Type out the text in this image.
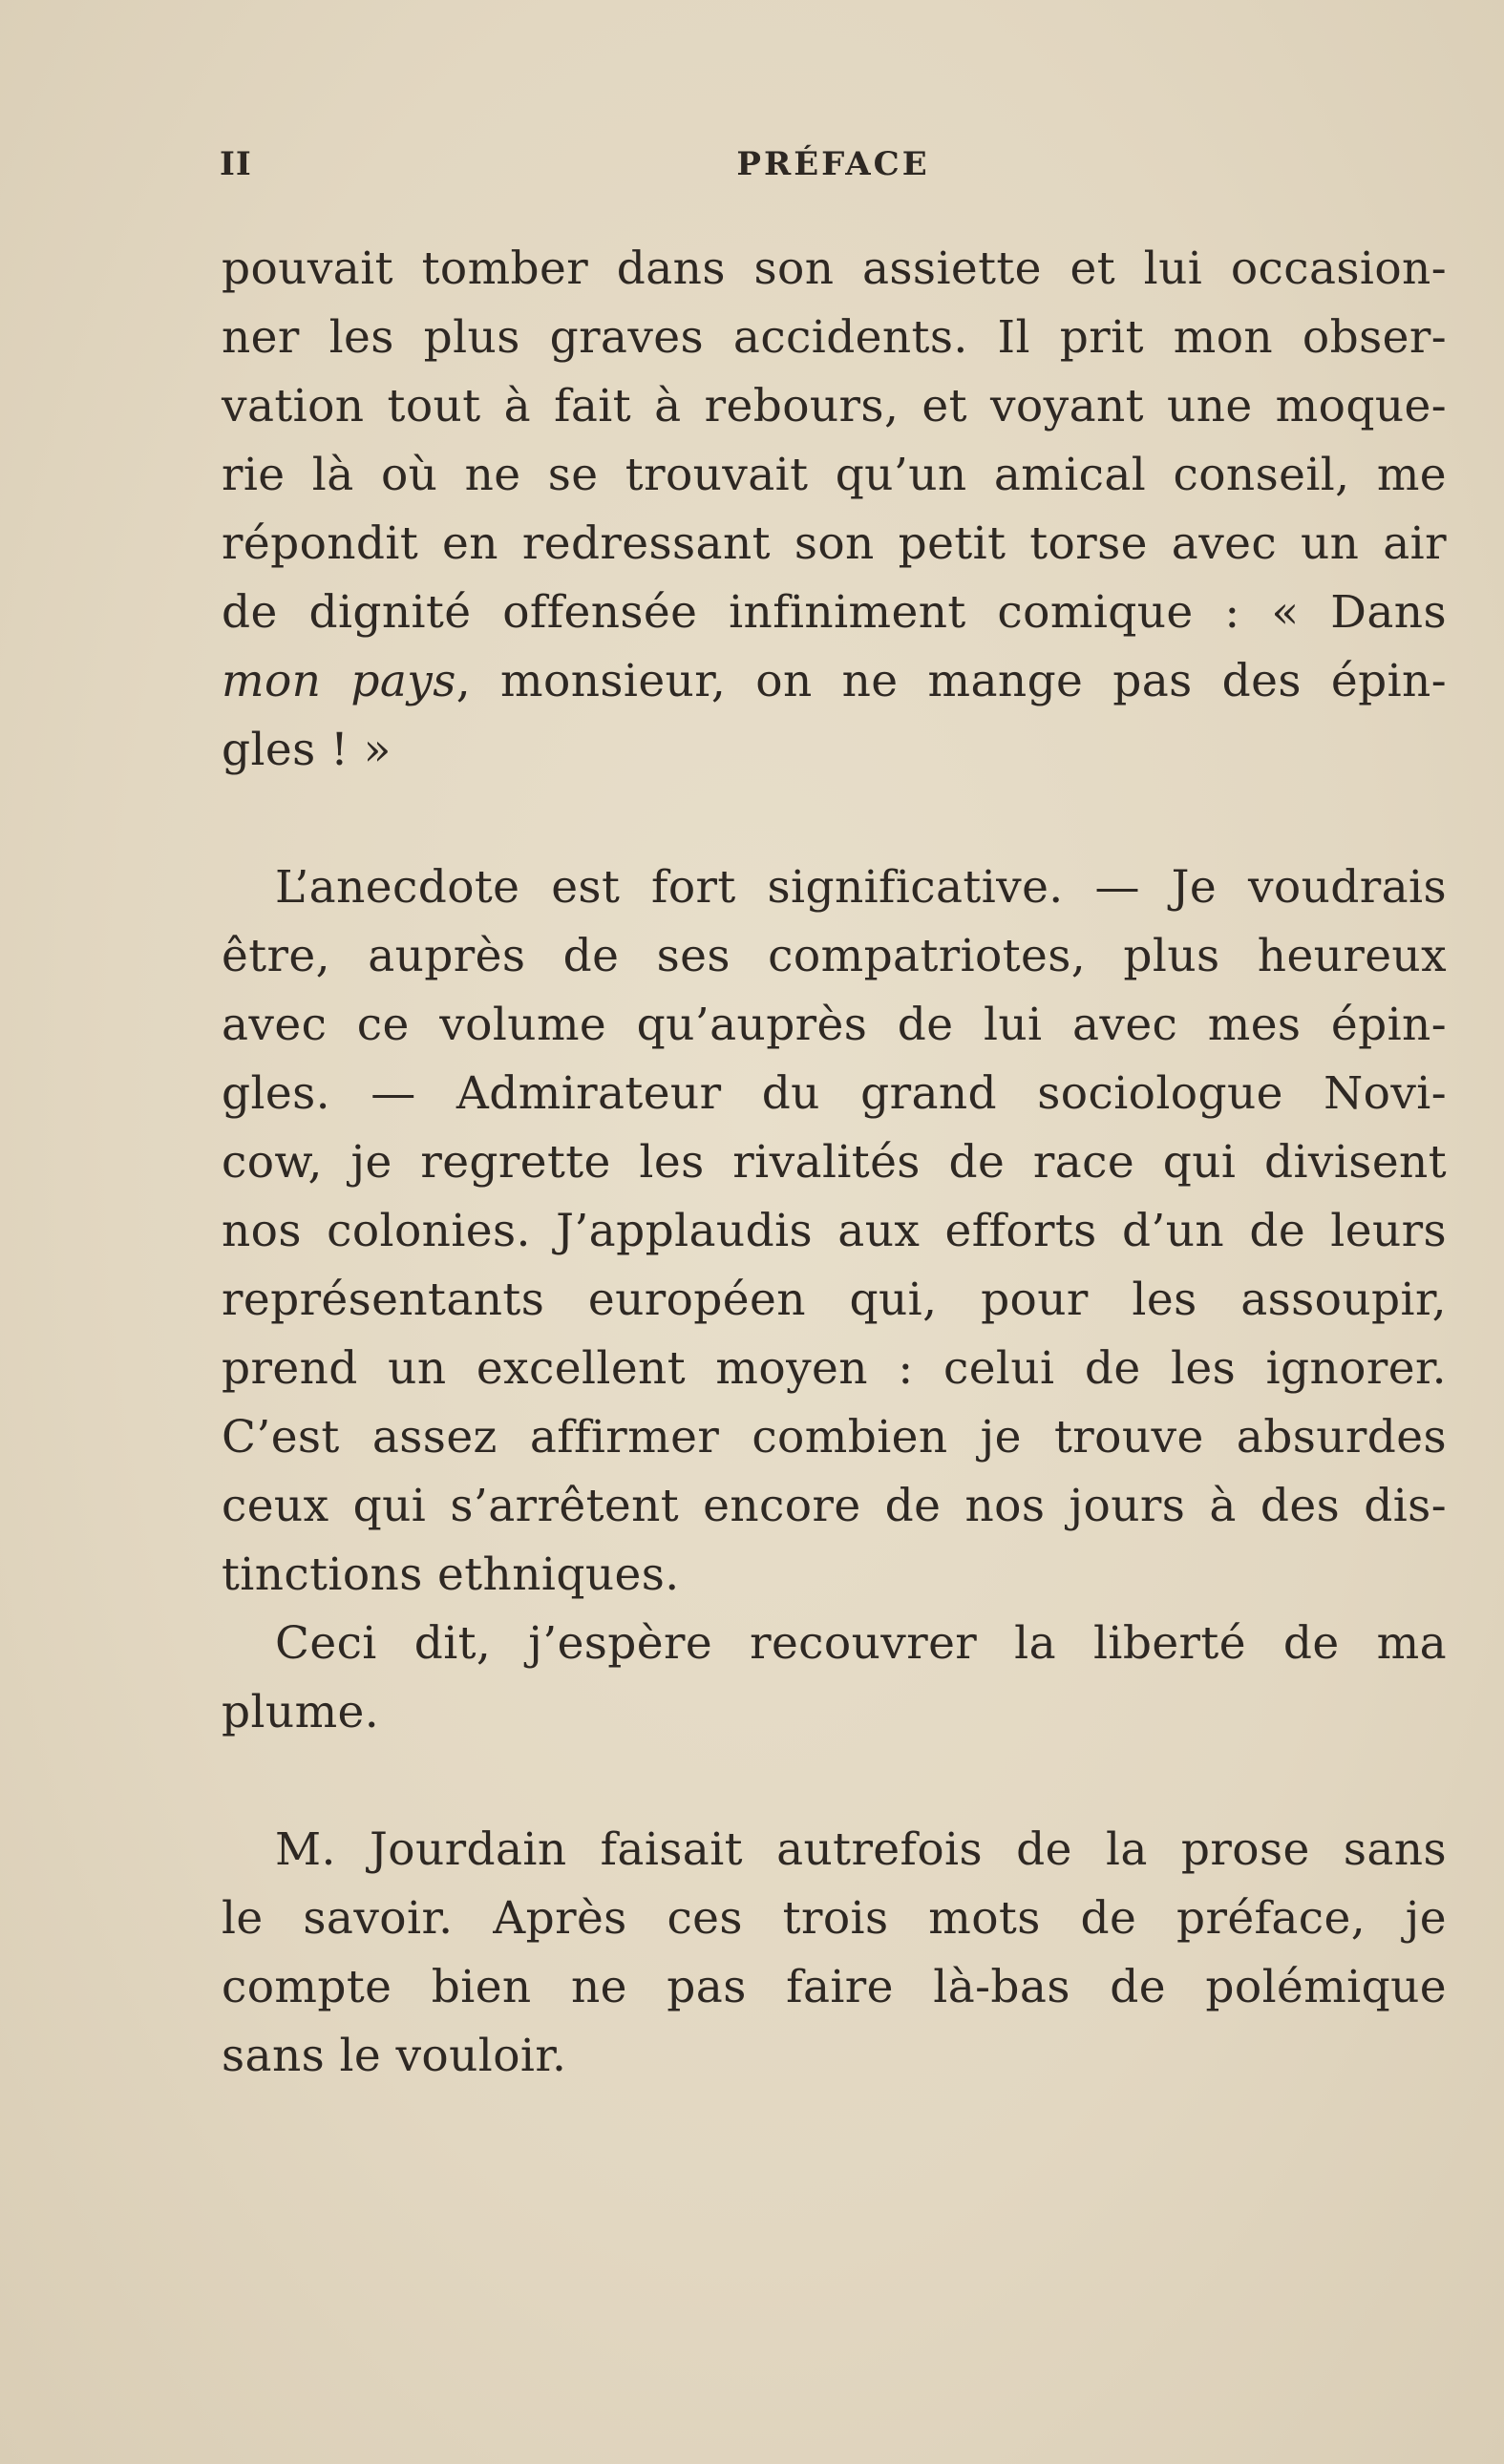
II	PRÉFACE
pouvait tomber dans son assiette et lui occasion-
ner les plus graves accidents. Il prit mon obser-
vation tout à fait à rebours, et voyant une moque-
rie là où ne se trouvait qu’un amical conseil, me
répondit en redressant son petit torse avec un air
de dignité offensée infiniment comique : « Dans
mon pays, monsieur, on ne mange pas des épin-
gles ! »
L’anecdote est fort significative. — Je voudrais
être, auprès de ses compatriotes, plus heureux
avec ce volume qu’auprès de lui avec mes épin-
gles. — Admirateur du grand sociologue Novi-
cow, je regrette les rivalités de race qui divisent
nos colonies. J’applaudis aux efforts d’un de leurs
représentants européen qui, pour les assoupir,
prend un excellent moyen : celui de les ignorer.
C’est assez affirmer combien je trouve absurdes
ceux qui s’arrêtent encore de nos jours à des dis-
tinctions ethniques.
Ceci dit, j’espère recouvrer la liberté de ma
plume.
M. Jourdain faisait autrefois de la prose sans
le savoir. Après ces trois mots de préface, je
compte bien ne pas faire là-bas de polémique
sans le vouloir.
